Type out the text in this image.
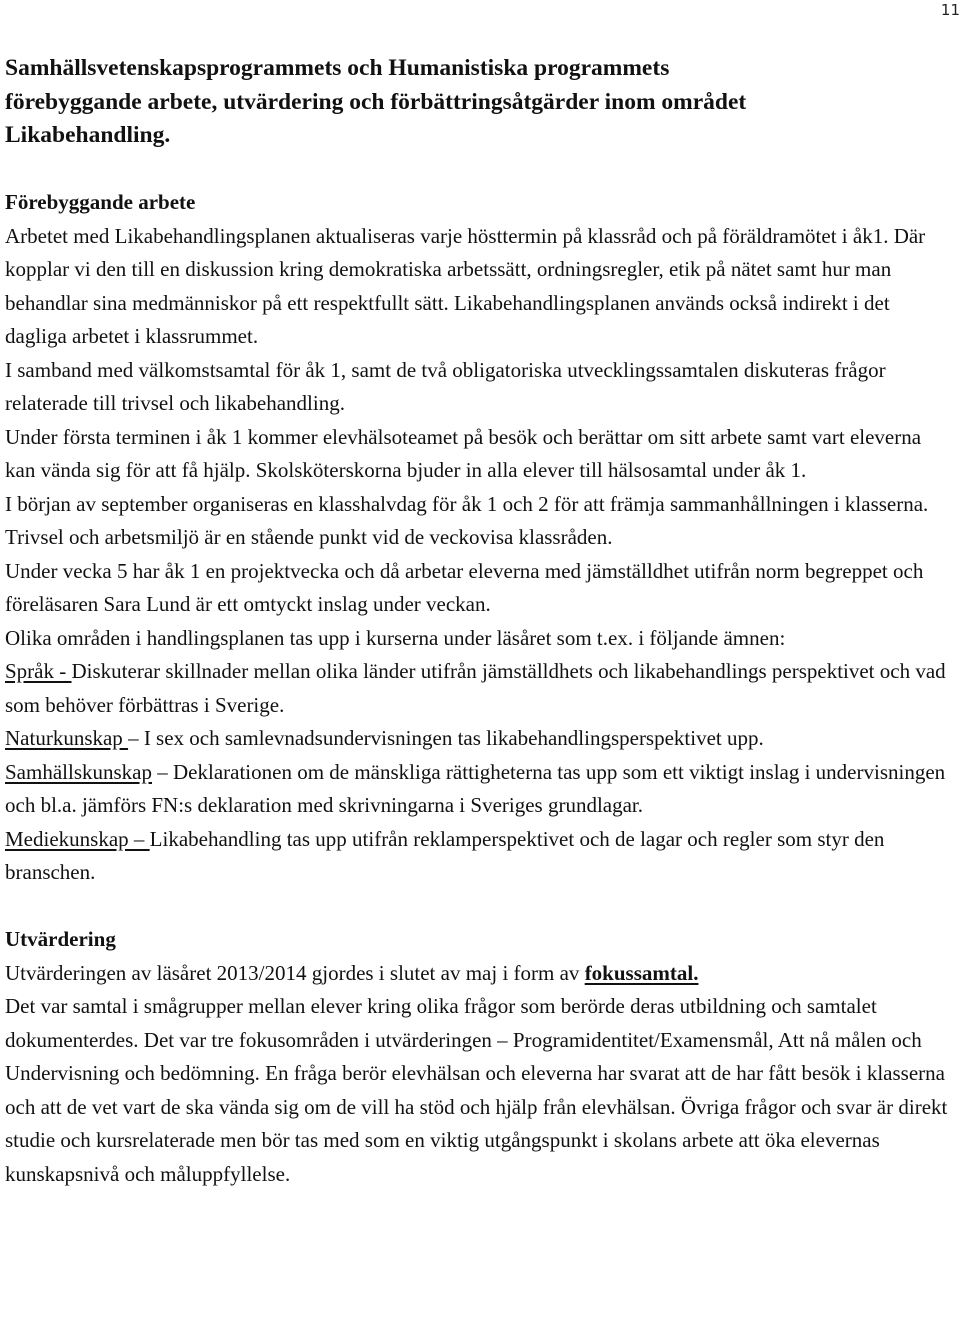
11
Samhällsvetenskapsprogrammets och Humanistiska programmets
förebyggande arbete, utvärdering och förbättringsåtgärder inom området
Likabehandling.
Förebyggande arbete

Arbetet med Likabehandlingsplanen aktualiseras varje hösttermin på klassråd och på föräldramötet i åk1. Där kopplar vi den till en diskussion kring demokratiska arbetssätt, ordningsregler, etik på nätet samt hur man behandlar sina medmänniskor på ett respektfullt sätt. Likabehandlingsplanen används också indirekt i det dagliga arbetet i klassrummet.

I samband med välkomstsamtal för åk 1, samt de två obligatoriska utvecklingssamtalen diskuteras frågor relaterade till trivsel och likabehandling.

Under första terminen i åk 1 kommer elevhälsoteamet på besök och berättar om sitt arbete samt vart eleverna kan vända sig för att få hjälp. Skolsköterskorna bjuder in alla elever till hälsosamtal under åk 1.

I början av september organiseras en klasshalvdag för åk 1 och 2 för att främja sammanhållningen i klasserna.

Trivsel och arbetsmiljö är en stående punkt vid de veckovisa klassråden.

Under vecka 5 har åk 1 en projektvecka och då arbetar eleverna med jämställdhet utifrån norm begreppet och föreläsaren Sara Lund är ett omtyckt inslag under veckan.

Olika områden i handlingsplanen tas upp i kurserna under läsåret som t.ex. i följande ämnen:

Språk - Diskuterar skillnader mellan olika länder utifrån jämställdhets och likabehandlings perspektivet och vad som behöver förbättras i Sverige.

Naturkunskap – I sex och samlevnadsundervisningen tas likabehandlingsperspektivet upp.

Samhällskunskap – Deklarationen om de mänskliga rättigheterna tas upp som ett viktigt inslag i undervisningen och bl.a. jämförs FN:s deklaration med skrivningarna i Sveriges grundlagar.

Mediekunskap – Likabehandling tas upp utifrån reklamperspektivet och de lagar och regler som styr den branschen.

Utvärdering

Utvärderingen av läsåret 2013/2014 gjordes i slutet av maj i form av fokussamtal.

Det var samtal i smågrupper mellan elever kring olika frågor som berörde deras utbildning och samtalet dokumenterdes. Det var tre fokusområden i utvärderingen – Programidentitet/Examensmål, Att nå målen och Undervisning och bedömning. En fråga berör elevhälsan och eleverna har svarat att de har fått besök i klasserna och att de vet vart de ska vända sig om de vill ha stöd och hjälp från elevhälsan. Övriga frågor och svar är direkt studie och kursrelaterade men bör tas med som en viktig utgångspunkt i skolans arbete att öka elevernas kunskapsnivå och måluppfyllelse.
